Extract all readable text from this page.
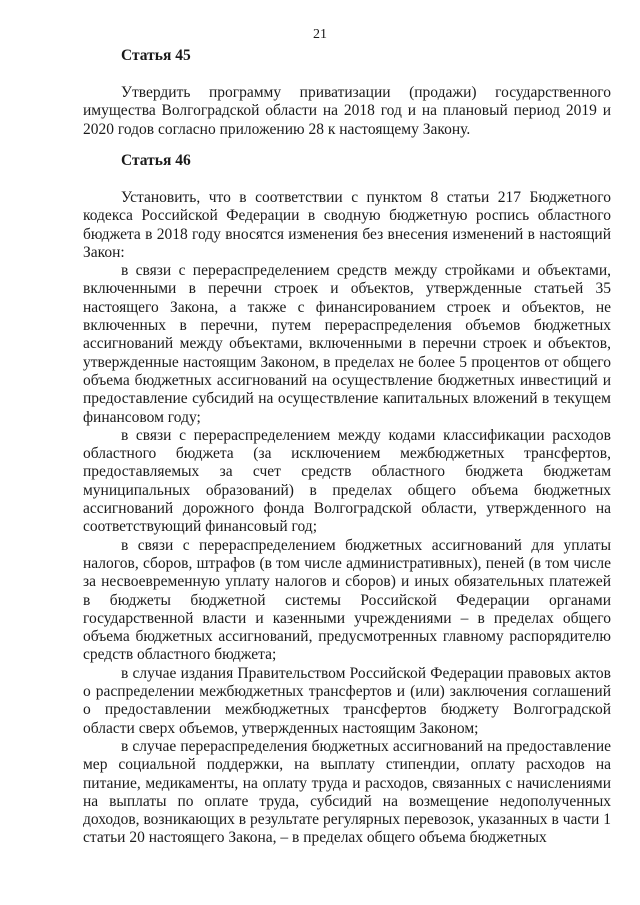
21
Статья 45

Утвердить программу приватизации (продажи) государственного имущества Волгоградской области на 2018 год и на плановый период 2019 и 2020 годов согласно приложению 28 к настоящему Закону.

Статья 46

Установить, что в соответствии с пунктом 8 статьи 217 Бюджетного кодекса Российской Федерации в сводную бюджетную роспись областного бюджета в 2018 году вносятся изменения без внесения изменений в настоящий Закон:

в связи с перераспределением средств между стройками и объектами, включенными в перечни строек и объектов, утвержденные статьей 35 настоящего Закона, а также с финансированием строек и объектов, не включенных в перечни, путем перераспределения объемов бюджетных ассигнований между объектами, включенными в перечни строек и объектов, утвержденные настоящим Законом, в пределах не более 5 процентов от общего объема бюджетных ассигнований на осуществление бюджетных инвестиций и предоставление субсидий на осуществление капитальных вложений в текущем финансовом году;

в связи с перераспределением между кодами классификации расходов областного бюджета (за исключением межбюджетных трансфертов, предоставляемых за счет средств областного бюджета бюджетам муниципальных образований) в пределах общего объема бюджетных ассигнований дорожного фонда Волгоградской области, утвержденного на соответствующий финансовый год;

в связи с перераспределением бюджетных ассигнований для уплаты налогов, сборов, штрафов (в том числе административных), пеней (в том числе за несвоевременную уплату налогов и сборов) и иных обязательных платежей в бюджеты бюджетной системы Российской Федерации органами государственной власти и казенными учреждениями – в пределах общего объема бюджетных ассигнований, предусмотренных главному распорядителю средств областного бюджета;

в случае издания Правительством Российской Федерации правовых актов о распределении межбюджетных трансфертов и (или) заключения соглашений о предоставлении межбюджетных трансфертов бюджету Волгоградской области сверх объемов, утвержденных настоящим Законом;

в случае перераспределения бюджетных ассигнований на предоставление мер социальной поддержки, на выплату стипендии, оплату расходов на питание, медикаменты, на оплату труда и расходов, связанных с начислениями на выплаты по оплате труда, субсидий на возмещение недополученных доходов, возникающих в результате регулярных перевозок, указанных в части 1 статьи 20 настоящего Закона, – в пределах общего объема бюджетных
